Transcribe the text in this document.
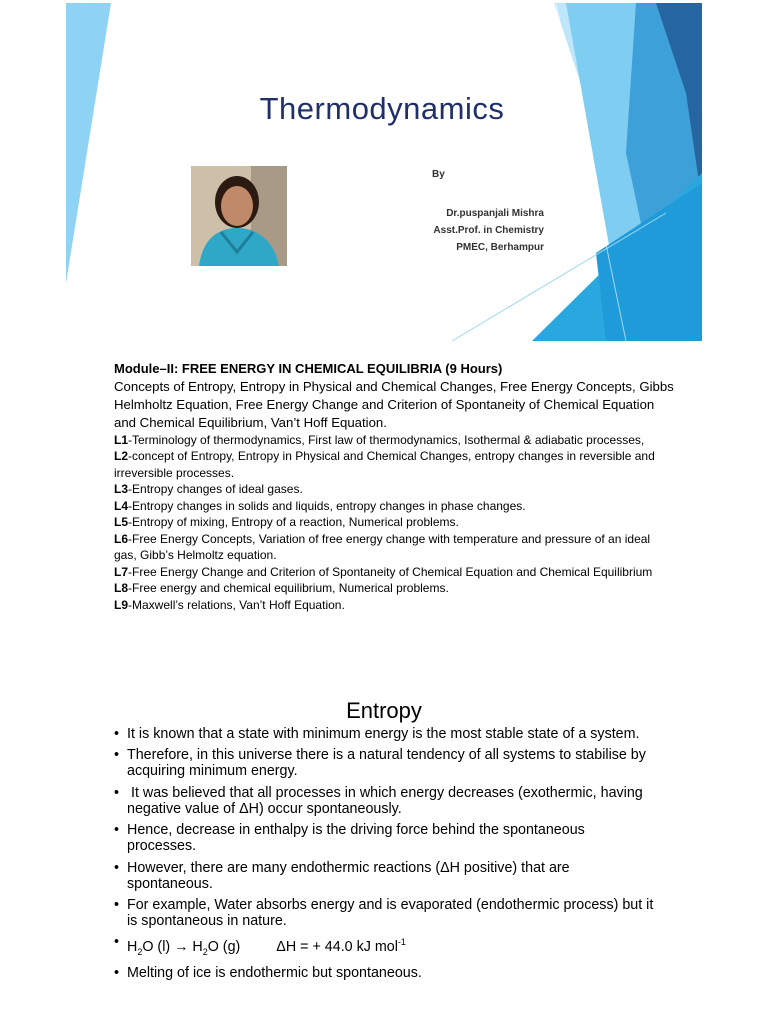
Thermodynamics
By
Dr.puspanjali Mishra
Asst.Prof. in Chemistry
PMEC, Berhampur
Module–II: FREE ENERGY IN CHEMICAL EQUILIBRIA (9 Hours)
Concepts of Entropy, Entropy in Physical and Chemical Changes, Free Energy Concepts, Gibbs Helmholtz Equation, Free Energy Change and Criterion of Spontaneity of Chemical Equation and Chemical Equilibrium, Van’t Hoff Equation.
L1-Terminology of thermodynamics, First law of thermodynamics, Isothermal & adiabatic processes,
L2-concept of Entropy, Entropy in Physical and Chemical Changes, entropy changes in reversible and irreversible processes.
L3-Entropy changes of ideal gases.
L4-Entropy changes in solids and liquids, entropy changes in phase changes.
L5-Entropy of mixing, Entropy of a reaction, Numerical problems.
L6-Free Energy Concepts, Variation of free energy change with temperature and pressure of an ideal gas, Gibb’s Helmoltz equation.
L7-Free Energy Change and Criterion of Spontaneity of Chemical Equation and Chemical Equilibrium
L8-Free energy and chemical equilibrium, Numerical problems.
L9-Maxwell’s relations, Van’t Hoff Equation.
Entropy
• It is known that a state with minimum energy is the most stable state of a system.
• Therefore, in this universe there is a natural tendency of all systems to stabilise by acquiring minimum energy.
• It was believed that all processes in which energy decreases (exothermic, having negative value of ΔH) occur spontaneously.
• Hence, decrease in enthalpy is the driving force behind the spontaneous processes.
• However, there are many endothermic reactions (ΔH positive) that are spontaneous.
• For example, Water absorbs energy and is evaporated (endothermic process) but it is spontaneous in nature.
• $H_2O$ $(l) \to H_2O$ (g)	ΔH = + 44.0 kJ mol$^{-1}$
• Melting of ice is endothermic but spontaneous.
